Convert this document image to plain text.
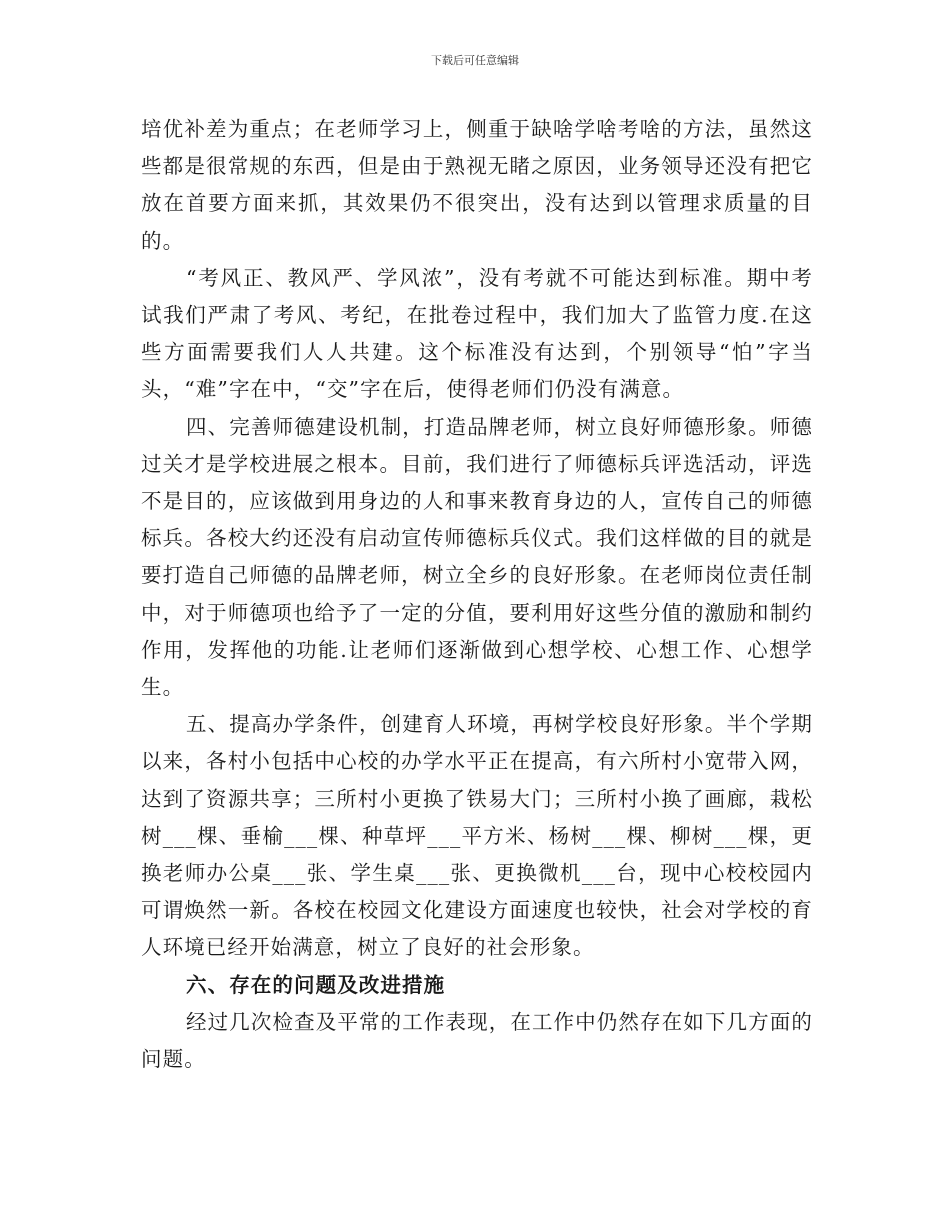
下载后可任意编辑

培优补差为重点；在老师学习上，侧重于缺啥学啥考啥的方法，虽然这些都是很常规的东西，但是由于熟视无睹之原因，业务领导还没有把它放在首要方面来抓，其效果仍不很突出，没有达到以管理求质量的目的。

“考风正、教风严、学风浓”，没有考就不可能达到标准。期中考试我们严肃了考风、考纪，在批卷过程中，我们加大了监管力度.在这些方面需要我们人人共建。这个标准没有达到，个别领导“怕”字当头，“难”字在中，“交”字在后，使得老师们仍没有满意。

四、完善师德建设机制，打造品牌老师，树立良好师德形象。师德过关才是学校进展之根本。目前，我们进行了师德标兵评选活动，评选不是目的，应该做到用身边的人和事来教育身边的人，宣传自己的师德标兵。各校大约还没有启动宣传师德标兵仪式。我们这样做的目的就是要打造自己师德的品牌老师，树立全乡的良好形象。在老师岗位责任制中，对于师德项也给予了一定的分值，要利用好这些分值的激励和制约作用，发挥他的功能.让老师们逐渐做到心想学校、心想工作、心想学生。

五、提高办学条件，创建育人环境，再树学校良好形象。半个学期以来，各村小包括中心校的办学水平正在提高，有六所村小宽带入网，达到了资源共享；三所村小更换了铁易大门；三所村小换了画廊，栽松树___棵、垂榆___棵、种草坪___平方米、杨树___棵、柳树___棵，更换老师办公桌___张、学生桌___张、更换微机___台，现中心校校园内可谓焕然一新。各校在校园文化建设方面速度也较快，社会对学校的育人环境已经开始满意，树立了良好的社会形象。

六、存在的问题及改进措施

经过几次检查及平常的工作表现，在工作中仍然存在如下几方面的问题。
